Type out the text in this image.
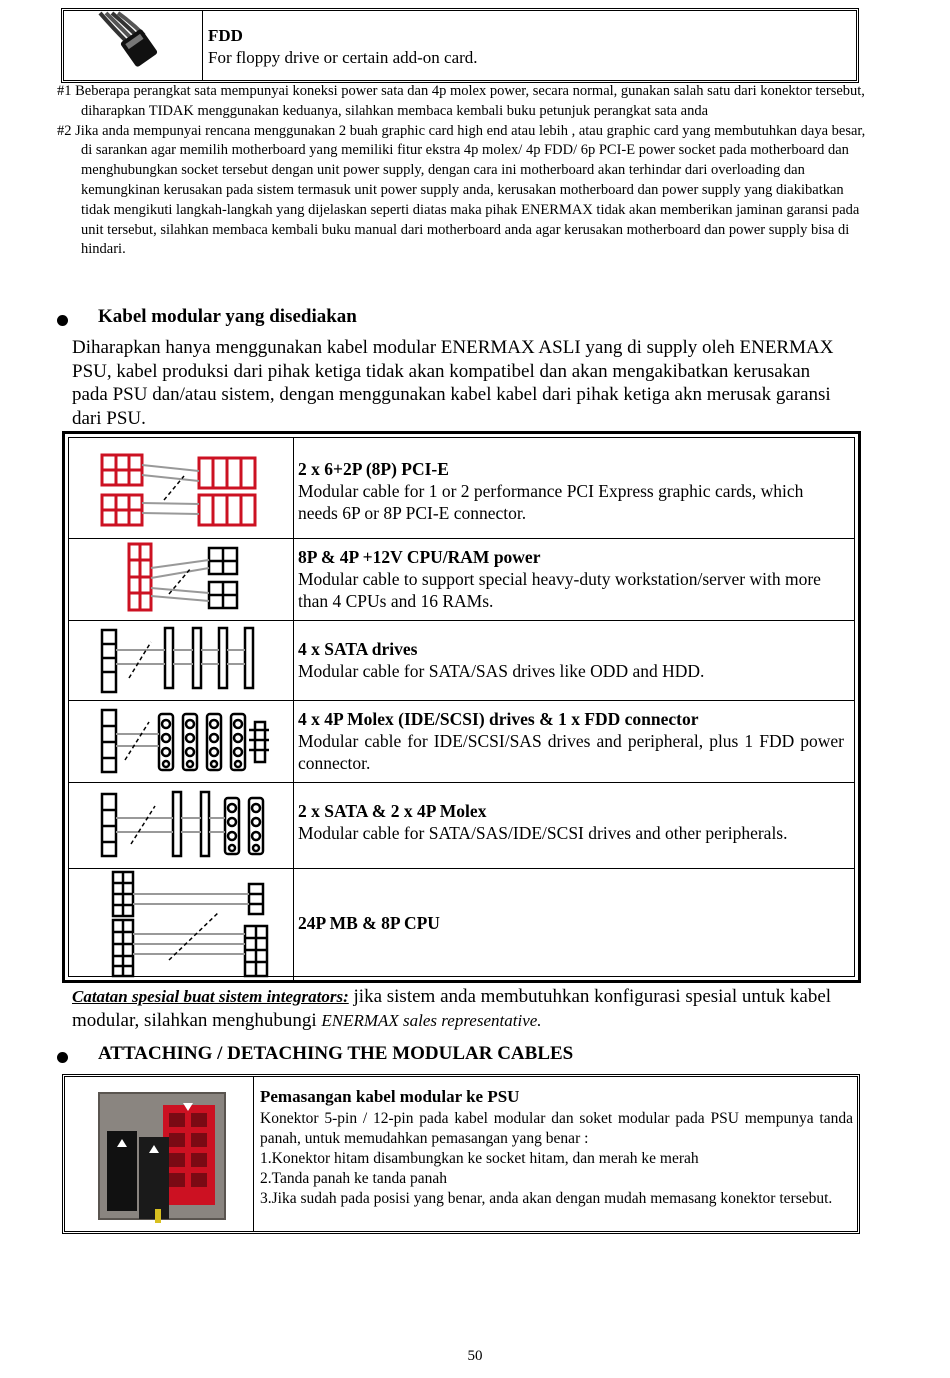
FDD
For floppy drive or certain add-on card.

#1 Beberapa perangkat sata mempunyai koneksi power sata dan 4p molex power, secara normal, gunakan salah satu dari konektor tersebut, diharapkan TIDAK menggunakan keduanya, silahkan membaca kembali buku petunjuk perangkat sata anda

#2 Jika anda mempunyai rencana menggunakan 2 buah graphic card high end atau lebih , atau graphic card yang membutuhkan daya besar, di sarankan agar memilih motherboard yang memiliki fitur ekstra 4p molex/ 4p FDD/ 6p PCI-E power socket pada motherboard dan menghubungkan socket tersebut dengan unit power supply, dengan cara ini motherboard akan terhindar dari overloading dan kemungkinan kerusakan pada sistem termasuk unit power supply anda, kerusakan motherboard dan power supply yang diakibatkan tidak mengikuti langkah-langkah yang dijelaskan seperti diatas maka pihak ENERMAX tidak akan memberikan jaminan garansi pada unit tersebut, silahkan membaca kembali buku manual dari motherboard anda agar kerusakan motherboard dan power supply bisa di hindari.

Kabel modular yang disediakan
Diharapkan hanya menggunakan kabel modular ENERMAX ASLI yang di supply oleh ENERMAX PSU, kabel produksi dari pihak ketiga tidak akan kompatibel dan akan mengakibatkan kerusakan pada PSU dan/atau sistem, dengan menggunakan kabel kabel dari pihak ketiga akn merusak garansi dari PSU.
2 x 6+2P (8P) PCI-E
Modular cable for 1 or 2 performance PCI Express graphic cards, which needs 6P or 8P PCI-E connector.
8P & 4P +12V CPU/RAM power
Modular cable to support special heavy-duty workstation/server with more than 4 CPUs and 16 RAMs.
4 x SATA drives
Modular cable for SATA/SAS drives like ODD and HDD.
4 x 4P Molex (IDE/SCSI) drives & 1 x FDD connector
Modular cable for IDE/SCSI/SAS drives and peripheral, plus 1 FDD power connector.
2 x SATA & 2 x 4P Molex
Modular cable for SATA/SAS/IDE/SCSI drives and other peripherals.
24P MB & 8P CPU
Catatan spesial buat sistem integrators: jika sistem anda membutuhkan konfigurasi spesial untuk kabel modular, silahkan menghubungi ENERMAX sales representative.
ATTACHING / DETACHING THE MODULAR CABLES
Pemasangan kabel modular ke PSU
Konektor 5-pin / 12-pin pada kabel modular dan soket modular pada PSU mempunya tanda panah, untuk memudahkan pemasangan yang benar :
1.Konektor hitam disambungkan ke socket hitam, dan merah ke merah
2.Tanda panah ke tanda panah
3.Jika sudah pada posisi yang benar, anda akan dengan mudah memasang konektor tersebut.
50
